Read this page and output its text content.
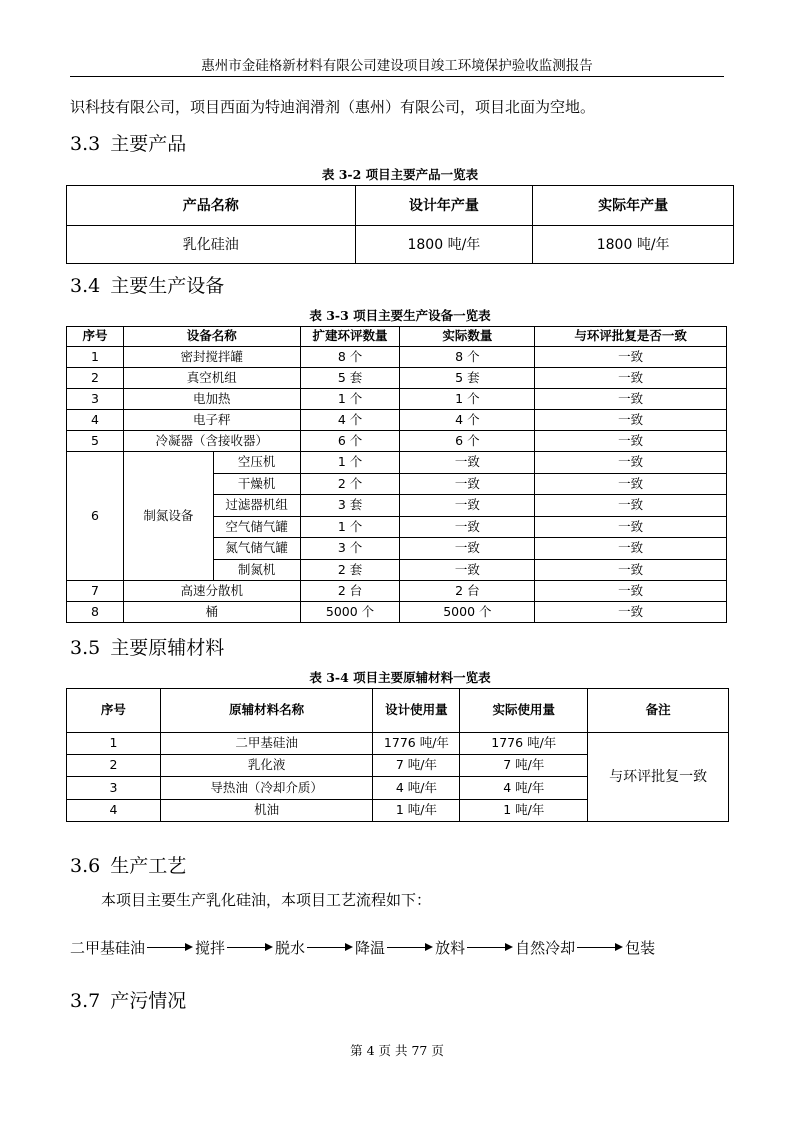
惠州市金硅格新材料有限公司建设项目竣工环境保护验收监测报告
识科技有限公司，项目西面为特迪润滑剂（惠州）有限公司，项目北面为空地。
3.3 主要产品
表 3-2 项目主要产品一览表
产品名称	设计年产量	实际年产量
乳化硅油	1800 吨/年	1800 吨/年
3.4 主要生产设备
表 3-3 项目主要生产设备一览表
序号	设备名称		扩建环评数量	实际数量	与环评批复是否一致
1	密封搅拌罐		8 个	8 个	一致
2	真空机组		5 套	5 套	一致
3	电加热		1 个	1 个	一致
4	电子秤		4 个	4 个	一致
5	冷凝器（含接收器）		6 个	6 个	一致
6	制氮设备	空压机	1 个	一致	一致
		干燥机	2 个	一致	一致
		过滤器机组	3 套	一致	一致
		空气储气罐	1 个	一致	一致
		氮气储气罐	3 个	一致	一致
		制氮机	2 套	一致	一致
7	高速分散机		2 台	2 台	一致
8	桶		5000 个	5000 个	一致
3.5 主要原辅材料
表 3-4 项目主要原辅材料一览表
序号	原辅材料名称	设计使用量	实际使用量	备注
1	二甲基硅油	1776 吨/年	1776 吨/年	与环评批复一致
2	乳化液	7 吨/年	7 吨/年	
3	导热油（冷却介质）	4 吨/年	4 吨/年	
4	机油	1 吨/年	1 吨/年	
3.6 生产工艺
本项目主要生产乳化硅油，本项目工艺流程如下：
二甲基硅油	搅拌	脱水	降温	放料	自然冷却	包装
3.7 产污情况
第 4 页 共 77 页
